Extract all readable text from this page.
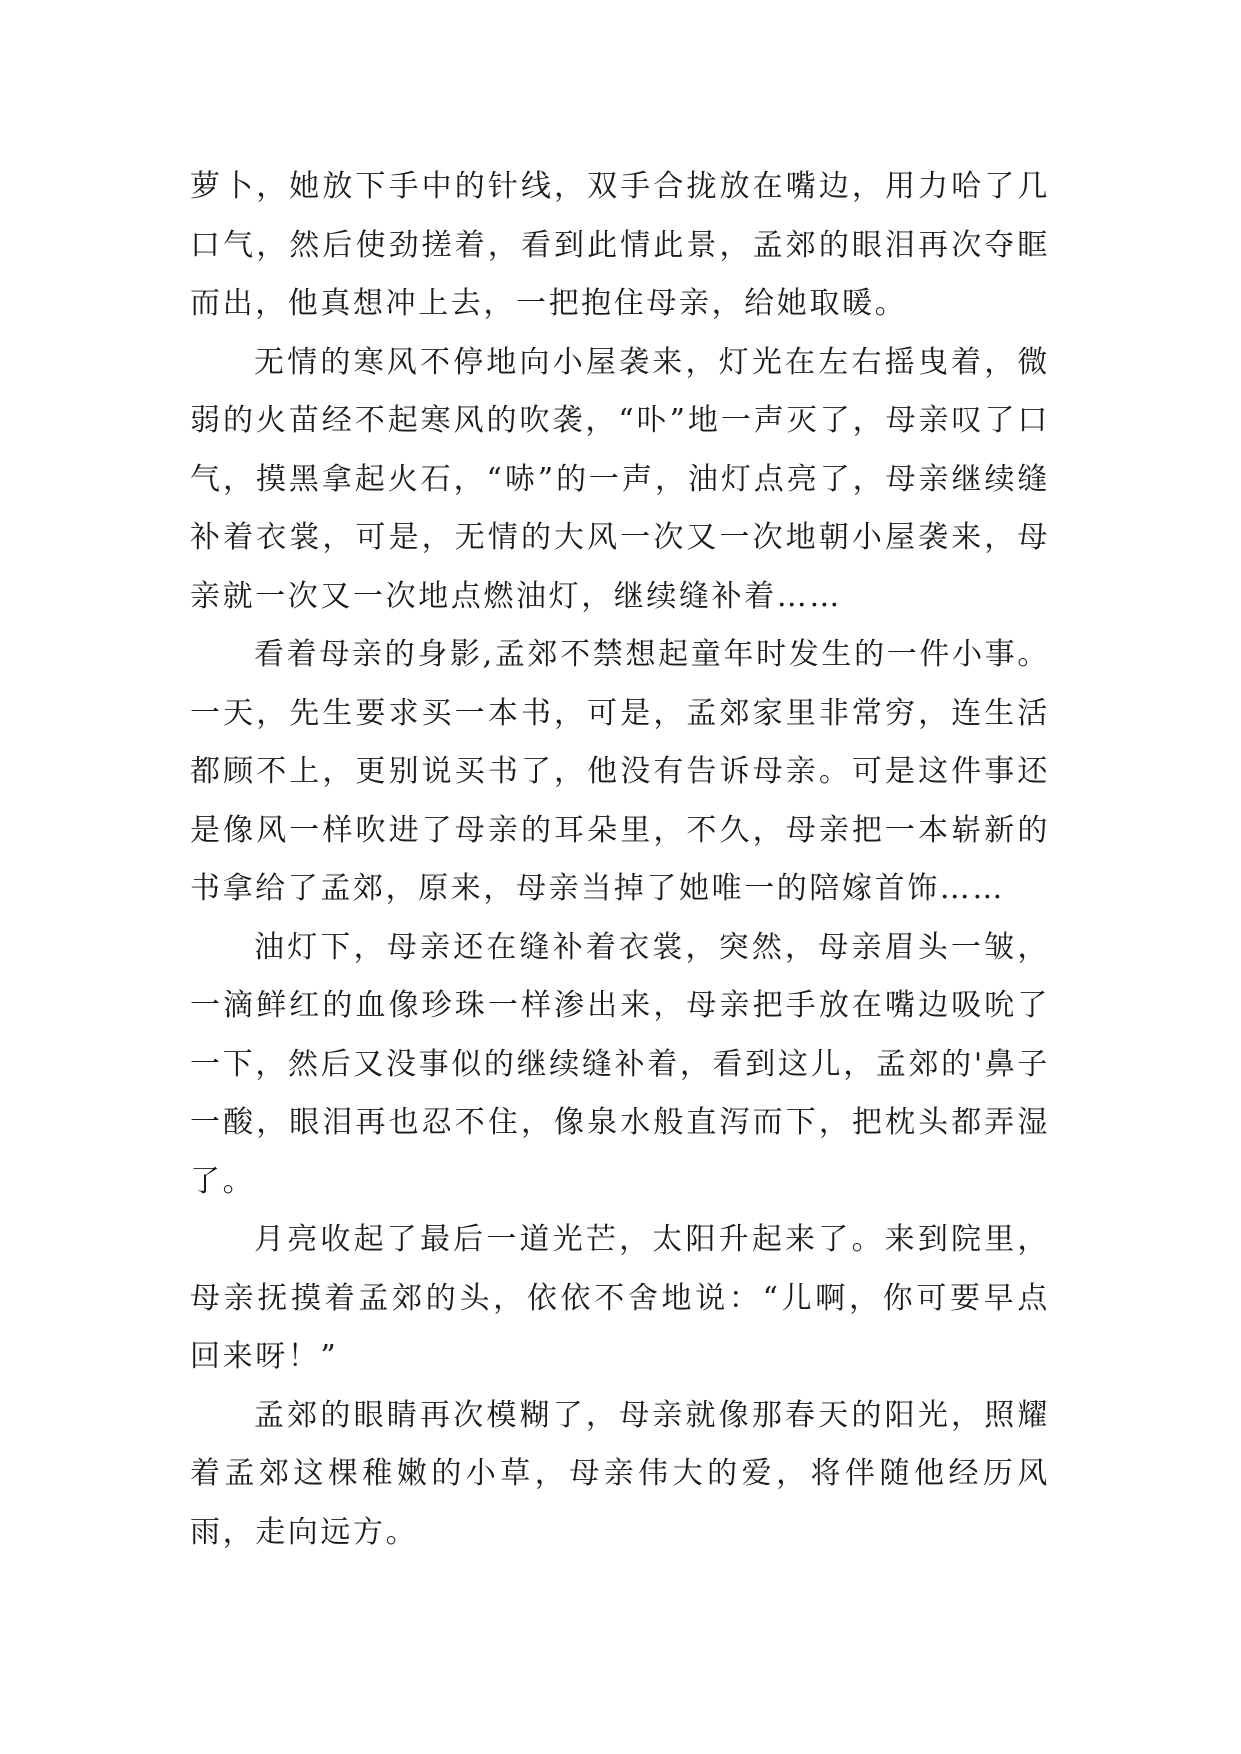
萝卜，她放下手中的针线，双手合拢放在嘴边，用力哈了几口气，然后使劲搓着，看到此情此景，孟郊的眼泪再次夺眶而出，他真想冲上去，一把抱住母亲，给她取暖。

无情的寒风不停地向小屋袭来，灯光在左右摇曳着，微弱的火苗经不起寒风的吹袭，“卟”地一声灭了，母亲叹了口气，摸黑拿起火石，“哧”的一声，油灯点亮了，母亲继续缝补着衣裳，可是，无情的大风一次又一次地朝小屋袭来，母亲就一次又一次地点燃油灯，继续缝补着……

看着母亲的身影,孟郊不禁想起童年时发生的一件小事。一天，先生要求买一本书，可是，孟郊家里非常穷，连生活都顾不上，更别说买书了，他没有告诉母亲。可是这件事还是像风一样吹进了母亲的耳朵里，不久，母亲把一本崭新的书拿给了孟郊，原来，母亲当掉了她唯一的陪嫁首饰……

油灯下，母亲还在缝补着衣裳，突然，母亲眉头一皱，一滴鲜红的血像珍珠一样渗出来，母亲把手放在嘴边吸吮了一下，然后又没事似的继续缝补着，看到这儿，孟郊的'鼻子一酸，眼泪再也忍不住，像泉水般直泻而下，把枕头都弄湿了。

月亮收起了最后一道光芒，太阳升起来了。来到院里，母亲抚摸着孟郊的头，依依不舍地说：“儿啊，你可要早点回来呀！”

孟郊的眼睛再次模糊了，母亲就像那春天的阳光，照耀着孟郊这棵稚嫩的小草，母亲伟大的爱，将伴随他经历风雨，走向远方。
